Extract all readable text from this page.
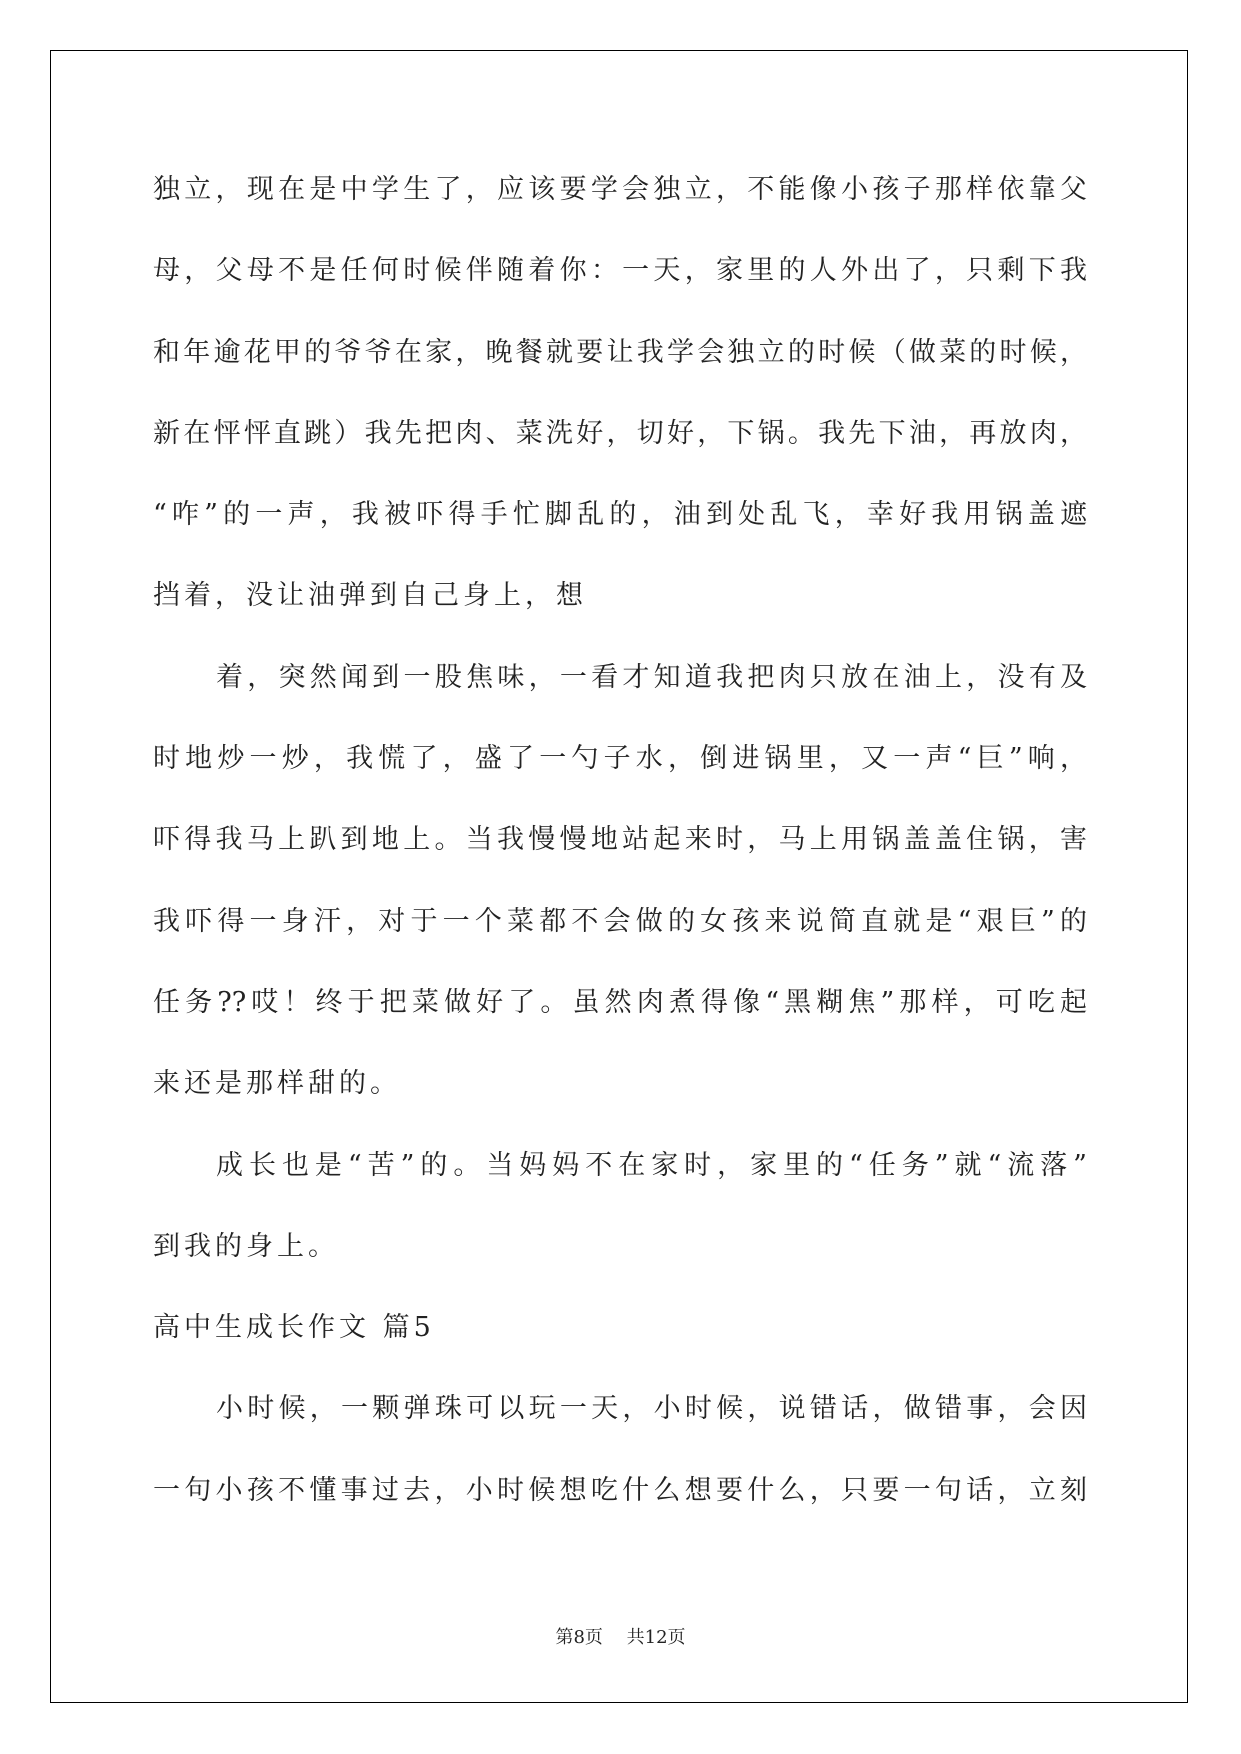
独立，现在是中学生了，应该要学会独立，不能像小孩子那样依靠父
母，父母不是任何时候伴随着你：一天，家里的人外出了，只剩下我
和年逾花甲的爷爷在家，晚餐就要让我学会独立的时候（做菜的时候，
新在怦怦直跳）我先把肉、菜洗好，切好，下锅。我先下油，再放肉，
“咋”的一声，我被吓得手忙脚乱的，油到处乱飞，幸好我用锅盖遮
挡着，没让油弹到自己身上，想
着，突然闻到一股焦味，一看才知道我把肉只放在油上，没有及
时地炒一炒，我慌了，盛了一勺子水，倒进锅里，又一声“巨”响，
吓得我马上趴到地上。当我慢慢地站起来时，马上用锅盖盖住锅，害
我吓得一身汗，对于一个菜都不会做的女孩来说简直就是“艰巨”的
任务??哎！终于把菜做好了。虽然肉煮得像“黑糊焦”那样，可吃起
来还是那样甜的。
成长也是“苦”的。当妈妈不在家时，家里的“任务”就“流落”
到我的身上。
高中生成长作文 篇5
小时候，一颗弹珠可以玩一天，小时候，说错话，做错事，会因
一句小孩不懂事过去，小时候想吃什么想要什么，只要一句话，立刻
第8页 共12页
